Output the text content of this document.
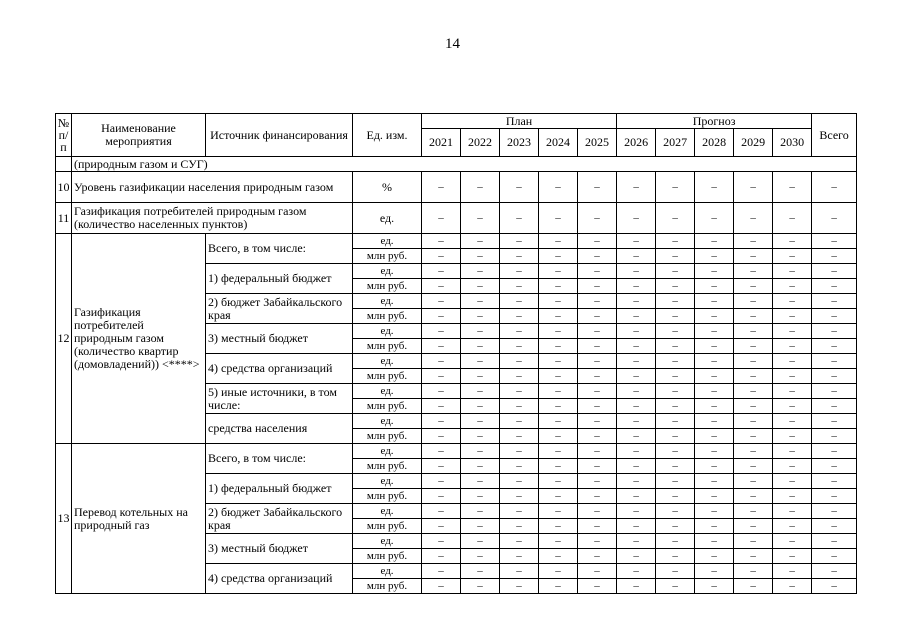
14
№ п/п	Наименование мероприятия	Источник финансирования	Ед. изм.	План					Прогноз					Всего
				2021	2022	2023	2024	2025	2026	2027	2028	2029	2030	
	(природным газом и СУГ)													
10	Уровень газификации населения природным газом		%	–	–	–	–	–	–	–	–	–	–	–
11	Газификация потребителей природным газом (количество населенных пунктов)		ед.	–	–	–	–	–	–	–	–	–	–	–
12	Газификация потребителей природным газом (количество квартир (домовладений)) <****>	Всего, в том числе:	ед.	–	–	–	–	–	–	–	–	–	–	–
			млн руб.	–	–	–	–	–	–	–	–	–	–	–
		1) федеральный бюджет	ед.	–	–	–	–	–	–	–	–	–	–	–
			млн руб.	–	–	–	–	–	–	–	–	–	–	–
		2) бюджет Забайкальского края	ед.	–	–	–	–	–	–	–	–	–	–	–
			млн руб.	–	–	–	–	–	–	–	–	–	–	–
		3) местный бюджет	ед.	–	–	–	–	–	–	–	–	–	–	–
			млн руб.	–	–	–	–	–	–	–	–	–	–	–
		4) средства организаций	ед.	–	–	–	–	–	–	–	–	–	–	–
			млн руб.	–	–	–	–	–	–	–	–	–	–	–
		5) иные источники, в том числе:	ед.	–	–	–	–	–	–	–	–	–	–	–
			млн руб.	–	–	–	–	–	–	–	–	–	–	–
		средства населения	ед.	–	–	–	–	–	–	–	–	–	–	–
			млн руб.	–	–	–	–	–	–	–	–	–	–	–
13	Перевод котельных на природный газ	Всего, в том числе:	ед.	–	–	–	–	–	–	–	–	–	–	–
			млн руб.	–	–	–	–	–	–	–	–	–	–	–
		1) федеральный бюджет	ед.	–	–	–	–	–	–	–	–	–	–	–
			млн руб.	–	–	–	–	–	–	–	–	–	–	–
		2) бюджет Забайкальского края	ед.	–	–	–	–	–	–	–	–	–	–	–
			млн руб.	–	–	–	–	–	–	–	–	–	–	–
		3) местный бюджет	ед.	–	–	–	–	–	–	–	–	–	–	–
			млн руб.	–	–	–	–	–	–	–	–	–	–	–
		4) средства организаций	ед.	–	–	–	–	–	–	–	–	–	–	–
			млн руб.	–	–	–	–	–	–	–	–	–	–	–
